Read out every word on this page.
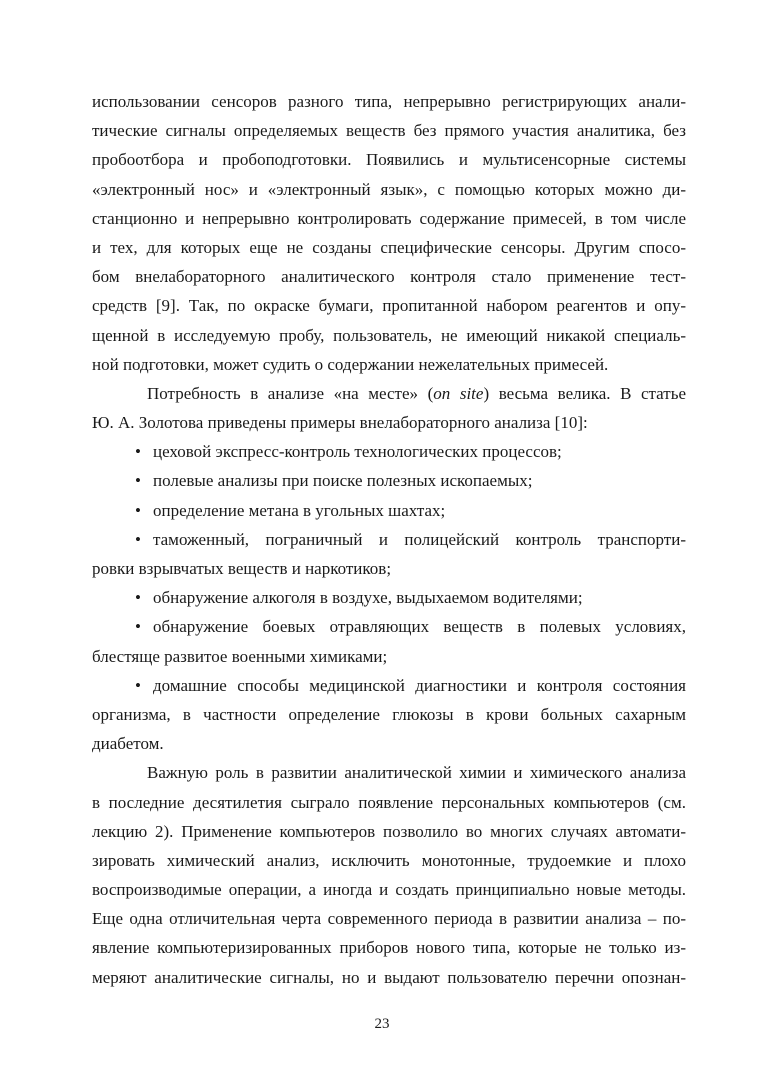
использовании сенсоров разного типа, непрерывно регистрирующих анали-
тические сигналы определяемых веществ без прямого участия аналитика, без
пробоотбора и пробоподготовки. Появились и мультисенсорные системы
«электронный нос» и «электронный язык», с помощью которых можно ди-
станционно и непрерывно контролировать содержание примесей, в том числе
и тех, для которых еще не созданы специфические сенсоры. Другим спосо-
бом внелабораторного аналитического контроля стало применение тест-
средств [9]. Так, по окраске бумаги, пропитанной набором реагентов и опу-
щенной в исследуемую пробу, пользователь, не имеющий никакой специаль-
ной подготовки, может судить о содержании нежелательных примесей.
Потребность в анализе «на месте» (on site) весьма велика. В статье
Ю. А. Золотова приведены примеры внелабораторного анализа [10]:
• цеховой экспресс-контроль технологических процессов;
• полевые анализы при поиске полезных ископаемых;
• определение метана в угольных шахтах;
• таможенный, пограничный и полицейский контроль транспорти-
ровки взрывчатых веществ и наркотиков;
• обнаружение алкоголя в воздухе, выдыхаемом водителями;
• обнаружение боевых отравляющих веществ в полевых условиях,
блестяще развитое военными химиками;
• домашние способы медицинской диагностики и контроля состояния
организма, в частности определение глюкозы в крови больных сахарным
диабетом.
Важную роль в развитии аналитической химии и химического анализа
в последние десятилетия сыграло появление персональных компьютеров (см.
лекцию 2). Применение компьютеров позволило во многих случаях автомати-
зировать химический анализ, исключить монотонные, трудоемкие и плохо
воспроизводимые операции, а иногда и создать принципиально новые методы.
Еще одна отличительная черта современного периода в развитии анализа – по-
явление компьютеризированных приборов нового типа, которые не только из-
меряют аналитические сигналы, но и выдают пользователю перечни опознан-
23
